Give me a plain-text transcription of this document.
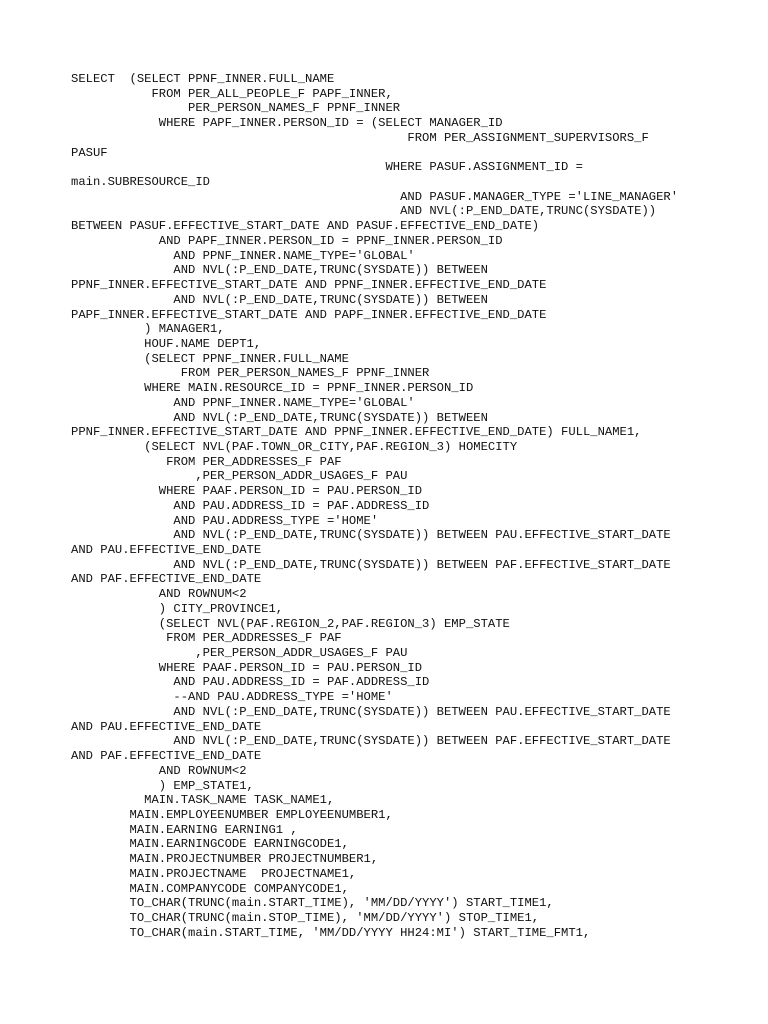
SELECT  (SELECT PPNF_INNER.FULL_NAME
FROM PER_ALL_PEOPLE_F PAPF_INNER,
PER_PERSON_NAMES_F PPNF_INNER
WHERE PAPF_INNER.PERSON_ID = (SELECT MANAGER_ID
FROM PER_ASSIGNMENT_SUPERVISORS_F
PASUF
WHERE PASUF.ASSIGNMENT_ID =
main.SUBRESOURCE_ID
AND PASUF.MANAGER_TYPE ='LINE_MANAGER'
AND NVL(:P_END_DATE,TRUNC(SYSDATE))
BETWEEN PASUF.EFFECTIVE_START_DATE AND PASUF.EFFECTIVE_END_DATE)
AND PAPF_INNER.PERSON_ID = PPNF_INNER.PERSON_ID
AND PPNF_INNER.NAME_TYPE='GLOBAL'
AND NVL(:P_END_DATE,TRUNC(SYSDATE)) BETWEEN
PPNF_INNER.EFFECTIVE_START_DATE AND PPNF_INNER.EFFECTIVE_END_DATE
AND NVL(:P_END_DATE,TRUNC(SYSDATE)) BETWEEN
PAPF_INNER.EFFECTIVE_START_DATE AND PAPF_INNER.EFFECTIVE_END_DATE
) MANAGER1,
HOUF.NAME DEPT1,
(SELECT PPNF_INNER.FULL_NAME
FROM PER_PERSON_NAMES_F PPNF_INNER
WHERE MAIN.RESOURCE_ID = PPNF_INNER.PERSON_ID
AND PPNF_INNER.NAME_TYPE='GLOBAL'
AND NVL(:P_END_DATE,TRUNC(SYSDATE)) BETWEEN
PPNF_INNER.EFFECTIVE_START_DATE AND PPNF_INNER.EFFECTIVE_END_DATE) FULL_NAME1,
(SELECT NVL(PAF.TOWN_OR_CITY,PAF.REGION_3) HOMECITY
FROM PER_ADDRESSES_F PAF
,PER_PERSON_ADDR_USAGES_F PAU
WHERE PAAF.PERSON_ID = PAU.PERSON_ID
AND PAU.ADDRESS_ID = PAF.ADDRESS_ID
AND PAU.ADDRESS_TYPE ='HOME'
AND NVL(:P_END_DATE,TRUNC(SYSDATE)) BETWEEN PAU.EFFECTIVE_START_DATE
AND PAU.EFFECTIVE_END_DATE
AND NVL(:P_END_DATE,TRUNC(SYSDATE)) BETWEEN PAF.EFFECTIVE_START_DATE
AND PAF.EFFECTIVE_END_DATE
AND ROWNUM<2
) CITY_PROVINCE1,
(SELECT NVL(PAF.REGION_2,PAF.REGION_3) EMP_STATE
FROM PER_ADDRESSES_F PAF
,PER_PERSON_ADDR_USAGES_F PAU
WHERE PAAF.PERSON_ID = PAU.PERSON_ID
AND PAU.ADDRESS_ID = PAF.ADDRESS_ID
--AND PAU.ADDRESS_TYPE ='HOME'
AND NVL(:P_END_DATE,TRUNC(SYSDATE)) BETWEEN PAU.EFFECTIVE_START_DATE
AND PAU.EFFECTIVE_END_DATE
AND NVL(:P_END_DATE,TRUNC(SYSDATE)) BETWEEN PAF.EFFECTIVE_START_DATE
AND PAF.EFFECTIVE_END_DATE
AND ROWNUM<2
) EMP_STATE1,
MAIN.TASK_NAME TASK_NAME1,
MAIN.EMPLOYEENUMBER EMPLOYEENUMBER1,
MAIN.EARNING EARNING1 ,
MAIN.EARNINGCODE EARNINGCODE1,
MAIN.PROJECTNUMBER PROJECTNUMBER1,
MAIN.PROJECTNAME  PROJECTNAME1,
MAIN.COMPANYCODE COMPANYCODE1,
TO_CHAR(TRUNC(main.START_TIME), 'MM/DD/YYYY') START_TIME1,
TO_CHAR(TRUNC(main.STOP_TIME), 'MM/DD/YYYY') STOP_TIME1,
TO_CHAR(main.START_TIME, 'MM/DD/YYYY HH24:MI') START_TIME_FMT1,
